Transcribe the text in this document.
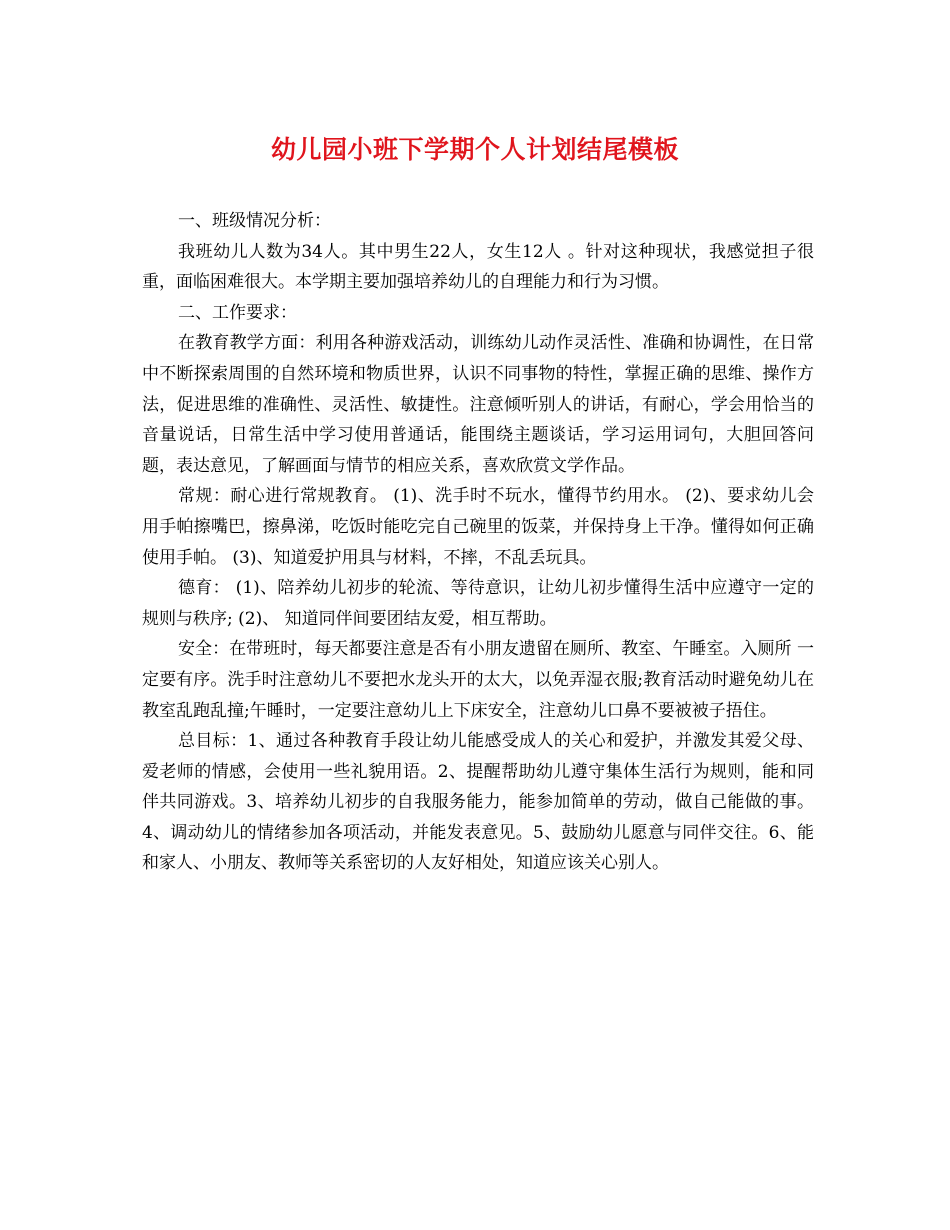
幼儿园小班下学期个人计划结尾模板

一、班级情况分析：

我班幼儿人数为34人。其中男生22人，女生12人 。针对这种现状，我感觉担子很重，面临困难很大。本学期主要加强培养幼儿的自理能力和行为习惯。

二、工作要求：

在教育教学方面：利用各种游戏活动，训练幼儿动作灵活性、准确和协调性，在日常中不断探索周围的自然环境和物质世界，认识不同事物的特性，掌握正确的思维、操作方法，促进思维的准确性、灵活性、敏捷性。注意倾听别人的讲话，有耐心，学会用恰当的音量说话，日常生活中学习使用普通话，能围绕主题谈话，学习运用词句，大胆回答问题，表达意见，了解画面与情节的相应关系，喜欢欣赏文学作品。

常规：耐心进行常规教育。 (1)、洗手时不玩水，懂得节约用水。 (2)、要求幼儿会用手帕擦嘴巴，擦鼻涕，吃饭时能吃完自己碗里的饭菜，并保持身上干净。懂得如何正确使用手帕。 (3)、知道爱护用具与材料，不摔，不乱丢玩具。

德育： (1)、陪养幼儿初步的轮流、等待意识，让幼儿初步懂得生活中应遵守一定的规则与秩序; (2)、 知道同伴间要团结友爱，相互帮助。

安全：在带班时，每天都要注意是否有小朋友遗留在厕所、教室、午睡室。入厕所 一定要有序。洗手时注意幼儿不要把水龙头开的太大，以免弄湿衣服;教育活动时避免幼儿在教室乱跑乱撞;午睡时，一定要注意幼儿上下床安全，注意幼儿口鼻不要被被子捂住。

总目标：1、通过各种教育手段让幼儿能感受成人的关心和爱护，并激发其爱父母、爱老师的情感，会使用一些礼貌用语。2、提醒帮助幼儿遵守集体生活行为规则，能和同伴共同游戏。3、培养幼儿初步的自我服务能力，能参加简单的劳动，做自己能做的事。4、调动幼儿的情绪参加各项活动，并能发表意见。5、鼓励幼儿愿意与同伴交往。6、能和家人、小朋友、教师等关系密切的人友好相处，知道应该关心别人。
